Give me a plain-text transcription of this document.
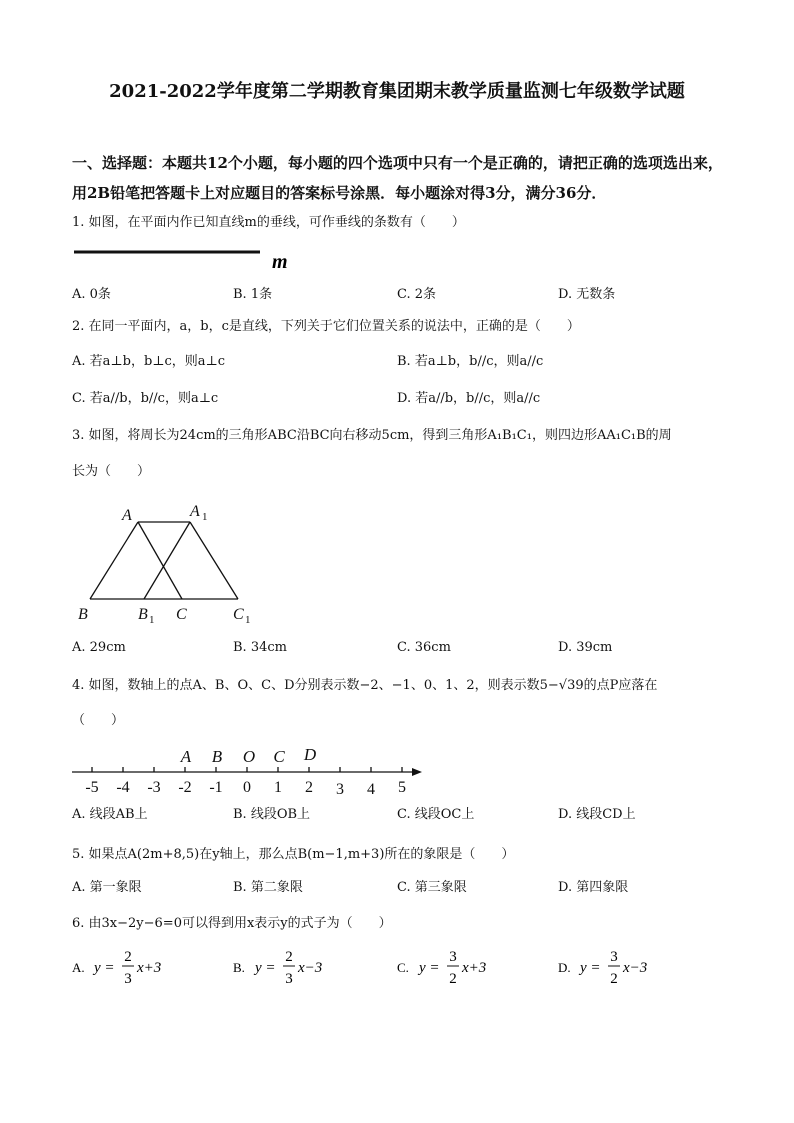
2021-2022学年度第二学期教育集团期末教学质量监测七年级数学试题
一、选择题：本题共12个小题，每小题的四个选项中只有一个是正确的，请把正确的选项选出来，用2B铅笔把答题卡上对应题目的答案标号涂黑．每小题涂对得3分，满分36分．
1. 如图，在平面内作已知直线m的垂线，可作垂线的条数有（　　）
m
A. 0条	B. 1条	C. 2条	D. 无数条
2. 在同一平面内，a，b，c是直线，下列关于它们位置关系的说法中，正确的是（　　）
A. 若a⊥b，b⊥c，则a⊥c	B. 若a⊥b，b//c，则a//c
C. 若a//b，b//c，则a⊥c	D. 若a//b，b//c，则a//c
3. 如图，将周长为24cm的三角形ABC沿BC向右移动5cm，得到三角形A₁B₁C₁，则四边形AA₁C₁B的周
长为（　　）
A	A 1
B	B 1 C	C 1
A. 29cm	B. 34cm	C. 36cm	D. 39cm
4. 如图，数轴上的点A、B、O、C、D分别表示数−2、−1、0、1、2，则表示数5−√39的点P应落在
（　　）
A B O C D
-5 -4 -3 -2 -1 0 1 2 3 4 5
A. 线段AB上	B. 线段OB上	C. 线段OC上	D. 线段CD上
5. 如果点A(2m+8,5)在y轴上，那么点B(m−1,m+3)所在的象限是（　　）
A. 第一象限	B. 第二象限	C. 第三象限	D. 第四象限
6. 由3x−2y−6=0可以得到用x表示y的式子为（　　）
A. y =
2
3
x+3	B. y =
2
3
x−3	C. y =
3
2
x+3	D. y =
3
2
x−3
